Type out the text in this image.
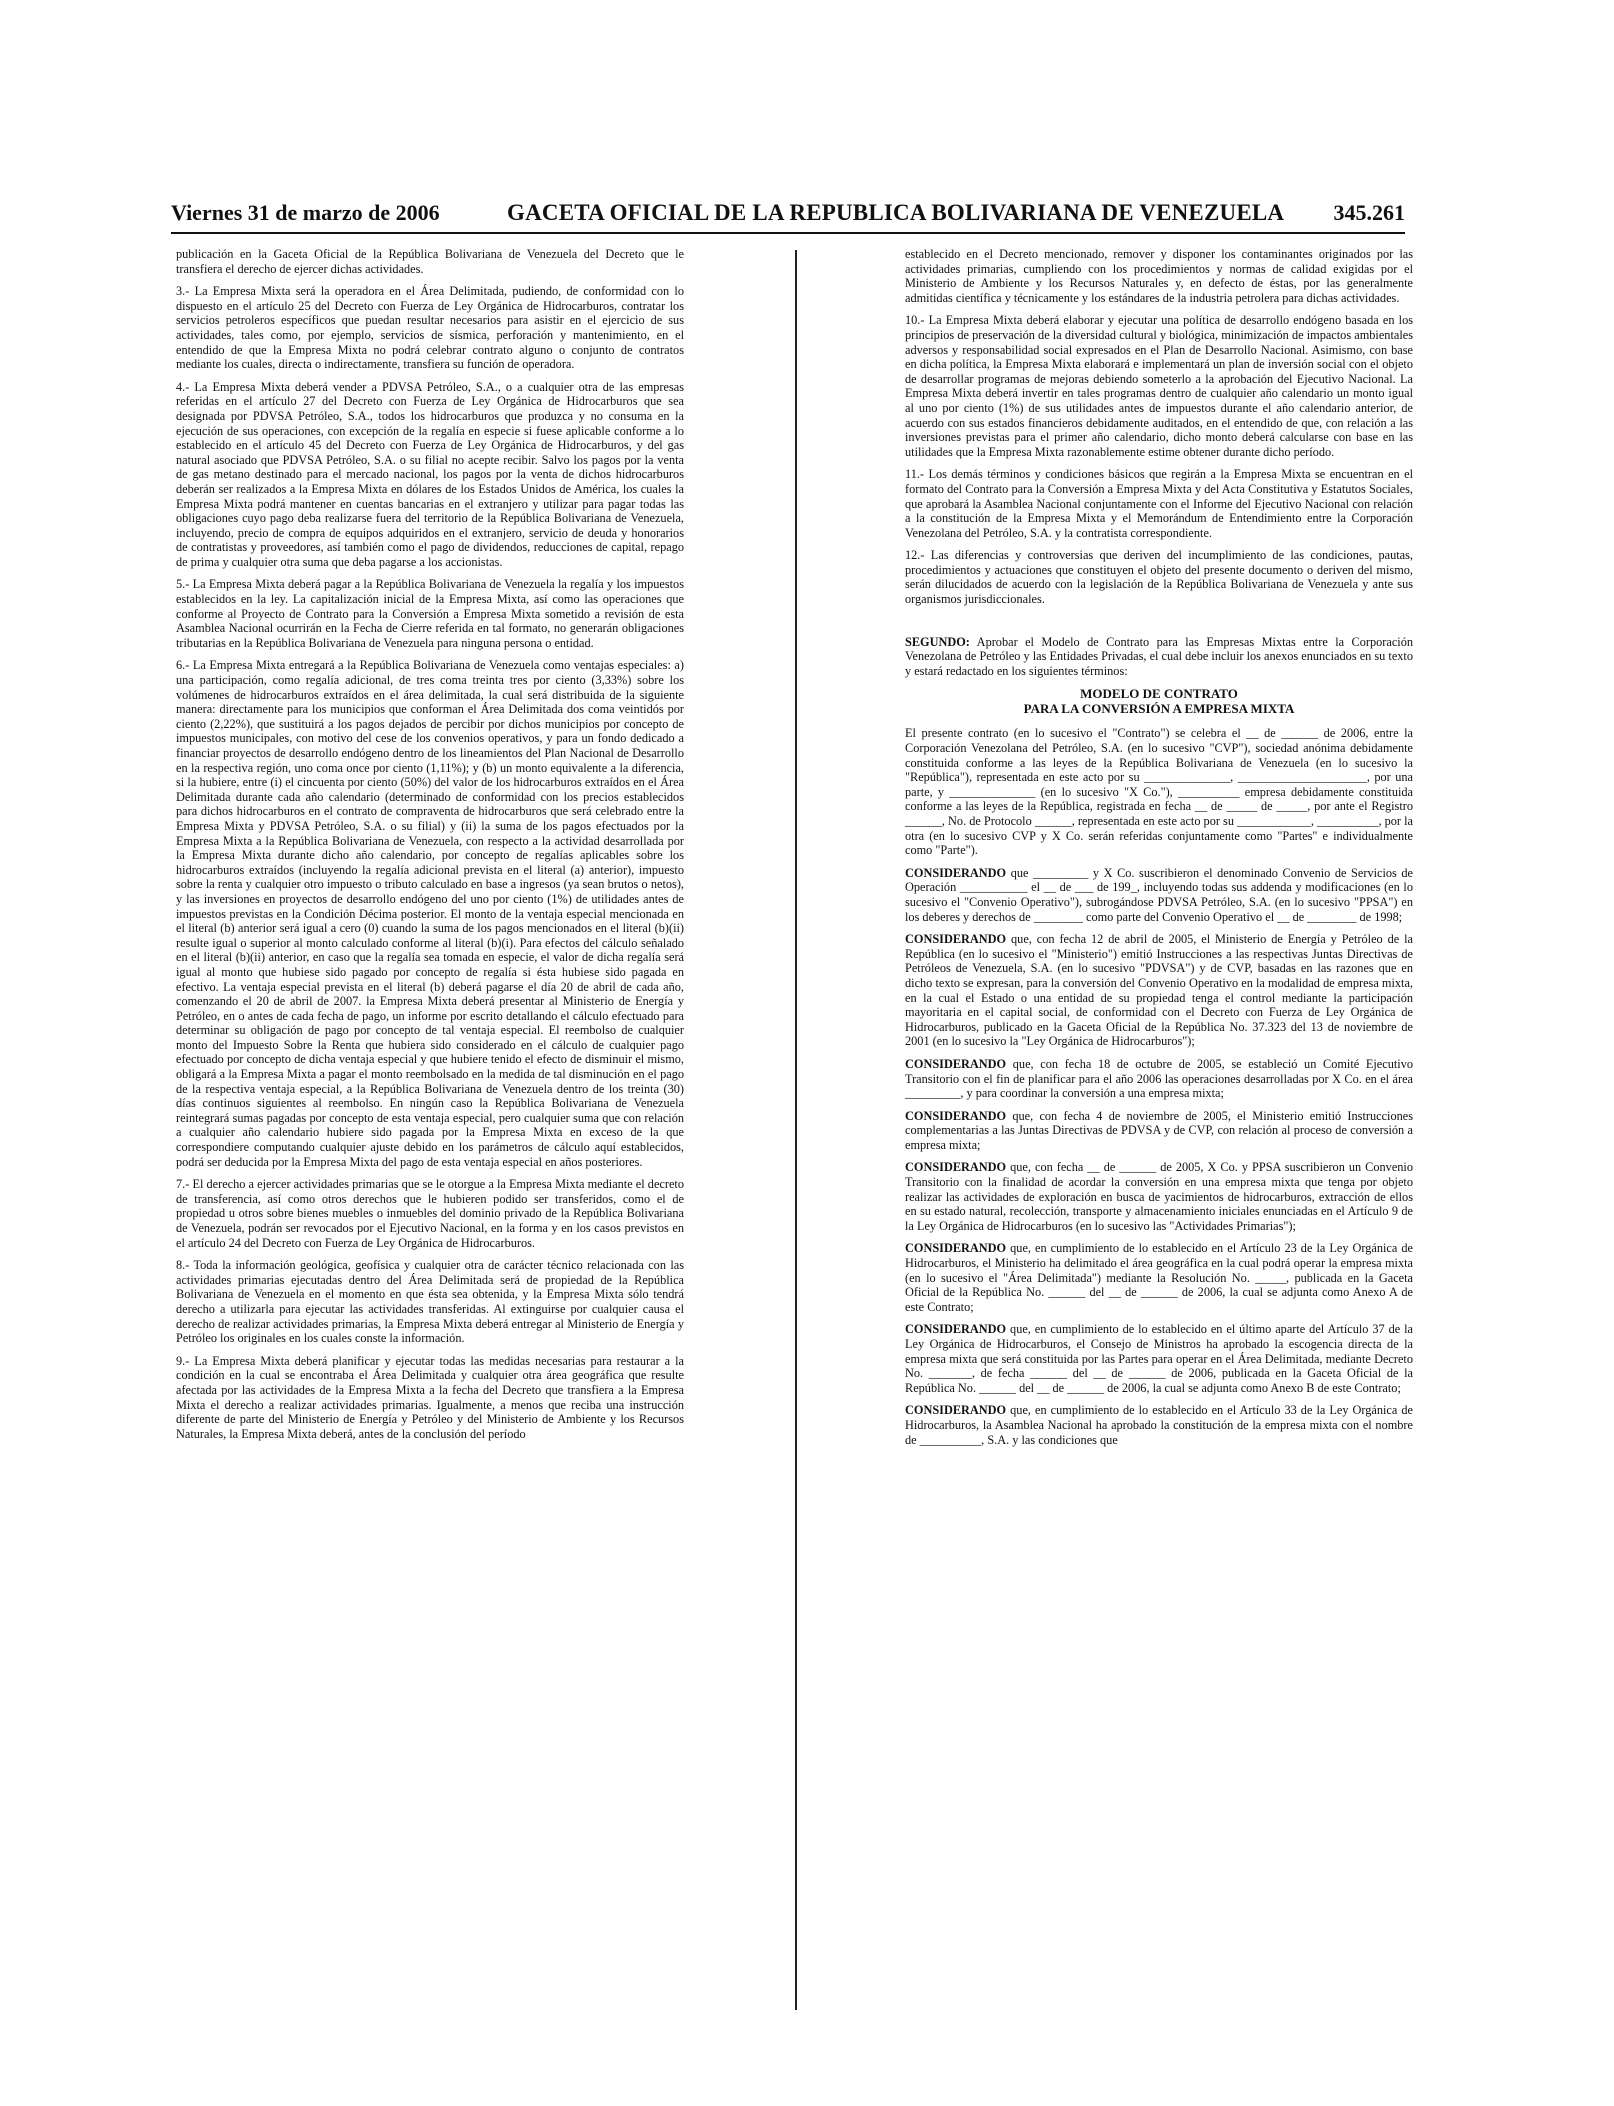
Viernes 31 de marzo de 2006	GACETA OFICIAL DE LA REPUBLICA BOLIVARIANA DE VENEZUELA 345.261

publicación en la Gaceta Oficial de la República Bolivariana de Venezuela del Decreto que le transfiera el derecho de ejercer dichas actividades.

3.- La Empresa Mixta será la operadora en el Área Delimitada, pudiendo, de conformidad con lo dispuesto en el artículo 25 del Decreto con Fuerza de Ley Orgánica de Hidrocarburos, contratar los servicios petroleros específicos que puedan resultar necesarios para asistir en el ejercicio de sus actividades, tales como, por ejemplo, servicios de sísmica, perforación y mantenimiento, en el entendido de que la Empresa Mixta no podrá celebrar contrato alguno o conjunto de contratos mediante los cuales, directa o indirectamente, transfiera su función de operadora.

4.- La Empresa Mixta deberá vender a PDVSA Petróleo, S.A., o a cualquier otra de las empresas referidas en el artículo 27 del Decreto con Fuerza de Ley Orgánica de Hidrocarburos que sea designada por PDVSA Petróleo, S.A., todos los hidrocarburos que produzca y no consuma en la ejecución de sus operaciones, con excepción de la regalía en especie si fuese aplicable conforme a lo establecido en el artículo 45 del Decreto con Fuerza de Ley Orgánica de Hidrocarburos, y del gas natural asociado que PDVSA Petróleo, S.A. o su filial no acepte recibir. Salvo los pagos por la venta de gas metano destinado para el mercado nacional, los pagos por la venta de dichos hidrocarburos deberán ser realizados a la Empresa Mixta en dólares de los Estados Unidos de América, los cuales la Empresa Mixta podrá mantener en cuentas bancarias en el extranjero y utilizar para pagar todas las obligaciones cuyo pago deba realizarse fuera del territorio de la República Bolivariana de Venezuela, incluyendo, precio de compra de equipos adquiridos en el extranjero, servicio de deuda y honorarios de contratistas y proveedores, así también como el pago de dividendos, reducciones de capital, repago de prima y cualquier otra suma que deba pagarse a los accionistas.

5.- La Empresa Mixta deberá pagar a la República Bolivariana de Venezuela la regalía y los impuestos establecidos en la ley. La capitalización inicial de la Empresa Mixta, así como las operaciones que conforme al Proyecto de Contrato para la Conversión a Empresa Mixta sometido a revisión de esta Asamblea Nacional ocurrirán en la Fecha de Cierre referida en tal formato, no generarán obligaciones tributarias en la República Bolivariana de Venezuela para ninguna persona o entidad.

6.- La Empresa Mixta entregará a la República Bolivariana de Venezuela como ventajas especiales: a) una participación, como regalía adicional, de tres coma treinta tres por ciento (3,33%) sobre los volúmenes de hidrocarburos extraídos en el área delimitada, la cual será distribuida de la siguiente manera: directamente para los municipios que conforman el Área Delimitada dos coma veintidós por ciento (2,22%), que sustituirá a los pagos dejados de percibir por dichos municipios por concepto de impuestos municipales, con motivo del cese de los convenios operativos, y para un fondo dedicado a financiar proyectos de desarrollo endógeno dentro de los lineamientos del Plan Nacional de Desarrollo en la respectiva región, uno coma once por ciento (1,11%); y (b) un monto equivalente a la diferencia, si la hubiere, entre (i) el cincuenta por ciento (50%) del valor de los hidrocarburos extraídos en el Área Delimitada durante cada año calendario (determinado de conformidad con los precios establecidos para dichos hidrocarburos en el contrato de compraventa de hidrocarburos que será celebrado entre la Empresa Mixta y PDVSA Petróleo, S.A. o su filial) y (ii) la suma de los pagos efectuados por la Empresa Mixta a la República Bolivariana de Venezuela, con respecto a la actividad desarrollada por la Empresa Mixta durante dicho año calendario, por concepto de regalías aplicables sobre los hidrocarburos extraídos (incluyendo la regalía adicional prevista en el literal (a) anterior), impuesto sobre la renta y cualquier otro impuesto o tributo calculado en base a ingresos (ya sean brutos o netos), y las inversiones en proyectos de desarrollo endógeno del uno por ciento (1%) de utilidades antes de impuestos previstas en la Condición Décima posterior. El monto de la ventaja especial mencionada en el literal (b) anterior será igual a cero (0) cuando la suma de los pagos mencionados en el literal (b)(ii) resulte igual o superior al monto calculado conforme al literal (b)(i). Para efectos del cálculo señalado en el literal (b)(ii) anterior, en caso que la regalía sea tomada en especie, el valor de dicha regalía será igual al monto que hubiese sido pagado por concepto de regalía si ésta hubiese sido pagada en efectivo. La ventaja especial prevista en el literal (b) deberá pagarse el día 20 de abril de cada año, comenzando el 20 de abril de 2007. la Empresa Mixta deberá presentar al Ministerio de Energía y Petróleo, en o antes de cada fecha de pago, un informe por escrito detallando el cálculo efectuado para determinar su obligación de pago por concepto de tal ventaja especial. El reembolso de cualquier monto del Impuesto Sobre la Renta que hubiera sido considerado en el cálculo de cualquier pago efectuado por concepto de dicha ventaja especial y que hubiere tenido el efecto de disminuir el mismo, obligará a la Empresa Mixta a pagar el monto reembolsado en la medida de tal disminución en el pago de la respectiva ventaja especial, a la República Bolivariana de Venezuela dentro de los treinta (30) días continuos siguientes al reembolso. En ningún caso la República Bolivariana de Venezuela reintegrará sumas pagadas por concepto de esta ventaja especial, pero cualquier suma que con relación a cualquier año calendario hubiere sido pagada por la Empresa Mixta en exceso de la que correspondiere computando cualquier ajuste debido en los parámetros de cálculo aquí establecidos, podrá ser deducida por la Empresa Mixta del pago de esta ventaja especial en años posteriores.

7.- El derecho a ejercer actividades primarias que se le otorgue a la Empresa Mixta mediante el decreto de transferencia, así como otros derechos que le hubieren podido ser transferidos, como el de propiedad u otros sobre bienes muebles o inmuebles del dominio privado de la República Bolivariana de Venezuela, podrán ser revocados por el Ejecutivo Nacional, en la forma y en los casos previstos en el artículo 24 del Decreto con Fuerza de Ley Orgánica de Hidrocarburos.

8.- Toda la información geológica, geofísica y cualquier otra de carácter técnico relacionada con las actividades primarias ejecutadas dentro del Área Delimitada será de propiedad de la República Bolivariana de Venezuela en el momento en que ésta sea obtenida, y la Empresa Mixta sólo tendrá derecho a utilizarla para ejecutar las actividades transferidas. Al extinguirse por cualquier causa el derecho de realizar actividades primarias, la Empresa Mixta deberá entregar al Ministerio de Energía y Petróleo los originales en los cuales conste la información.

9.- La Empresa Mixta deberá planificar y ejecutar todas las medidas necesarias para restaurar a la condición en la cual se encontraba el Área Delimitada y cualquier otra área geográfica que resulte afectada por las actividades de la Empresa Mixta a la fecha del Decreto que transfiera a la Empresa Mixta el derecho a realizar actividades primarias. Igualmente, a menos que reciba una instrucción diferente de parte del Ministerio de Energía y Petróleo y del Ministerio de Ambiente y los Recursos Naturales, la Empresa Mixta deberá, antes de la conclusión del período

establecido en el Decreto mencionado, remover y disponer los contaminantes originados por las actividades primarias, cumpliendo con los procedimientos y normas de calidad exigidas por el Ministerio de Ambiente y los Recursos Naturales y, en defecto de éstas, por las generalmente admitidas científica y técnicamente y los estándares de la industria petrolera para dichas actividades.

10.- La Empresa Mixta deberá elaborar y ejecutar una política de desarrollo endógeno basada en los principios de preservación de la diversidad cultural y biológica, minimización de impactos ambientales adversos y responsabilidad social expresados en el Plan de Desarrollo Nacional. Asimismo, con base en dicha política, la Empresa Mixta elaborará e implementará un plan de inversión social con el objeto de desarrollar programas de mejoras debiendo someterlo a la aprobación del Ejecutivo Nacional. La Empresa Mixta deberá invertir en tales programas dentro de cualquier año calendario un monto igual al uno por ciento (1%) de sus utilidades antes de impuestos durante el año calendario anterior, de acuerdo con sus estados financieros debidamente auditados, en el entendido de que, con relación a las inversiones previstas para el primer año calendario, dicho monto deberá calcularse con base en las utilidades que la Empresa Mixta razonablemente estime obtener durante dicho período.

11.- Los demás términos y condiciones básicos que regirán a la Empresa Mixta se encuentran en el formato del Contrato para la Conversión a Empresa Mixta y del Acta Constitutiva y Estatutos Sociales, que aprobará la Asamblea Nacional conjuntamente con el Informe del Ejecutivo Nacional con relación a la constitución de la Empresa Mixta y el Memorándum de Entendimiento entre la Corporación Venezolana del Petróleo, S.A. y la contratista correspondiente.

12.- Las diferencias y controversias que deriven del incumplimiento de las condiciones, pautas, procedimientos y actuaciones que constituyen el objeto del presente documento o deriven del mismo, serán dilucidados de acuerdo con la legislación de la República Bolivariana de Venezuela y ante sus organismos jurisdiccionales.

SEGUNDO: Aprobar el Modelo de Contrato para las Empresas Mixtas entre la Corporación Venezolana de Petróleo y las Entidades Privadas, el cual debe incluir los anexos enunciados en su texto y estará redactado en los siguientes términos:

MODELO DE CONTRATO
PARA LA CONVERSIÓN A EMPRESA MIXTA

El presente contrato (en lo sucesivo el "Contrato") se celebra el __ de ______ de 2006, entre la Corporación Venezolana del Petróleo, S.A. (en lo sucesivo "CVP"), sociedad anónima debidamente constituida conforme a las leyes de la República Bolivariana de Venezuela (en lo sucesivo la "República"), representada en este acto por su ______________, _____________________, por una parte, y ______________ (en lo sucesivo "X Co."), __________ empresa debidamente constituida conforme a las leyes de la República, registrada en fecha __ de _____ de _____, por ante el Registro ______, No. de Protocolo ______, representada en este acto por su ____________, __________, por la otra (en lo sucesivo CVP y X Co. serán referidas conjuntamente como "Partes" e individualmente como "Parte").

CONSIDERANDO que _________ y X Co. suscribieron el denominado Convenio de Servicios de Operación ___________ el __ de ___ de 199_, incluyendo todas sus addenda y modificaciones (en lo sucesivo el "Convenio Operativo"), subrogándose PDVSA Petróleo, S.A. (en lo sucesivo "PPSA") en los deberes y derechos de ________ como parte del Convenio Operativo el __ de ________ de 1998;

CONSIDERANDO que, con fecha 12 de abril de 2005, el Ministerio de Energía y Petróleo de la República (en lo sucesivo el "Ministerio") emitió Instrucciones a las respectivas Juntas Directivas de Petróleos de Venezuela, S.A. (en lo sucesivo "PDVSA") y de CVP, basadas en las razones que en dicho texto se expresan, para la conversión del Convenio Operativo en la modalidad de empresa mixta, en la cual el Estado o una entidad de su propiedad tenga el control mediante la participación mayoritaria en el capital social, de conformidad con el Decreto con Fuerza de Ley Orgánica de Hidrocarburos, publicado en la Gaceta Oficial de la República No. 37.323 del 13 de noviembre de 2001 (en lo sucesivo la "Ley Orgánica de Hidrocarburos");

CONSIDERANDO que, con fecha 18 de octubre de 2005, se estableció un Comité Ejecutivo Transitorio con el fin de planificar para el año 2006 las operaciones desarrolladas por X Co. en el área _________, y para coordinar la conversión a una empresa mixta;

CONSIDERANDO que, con fecha 4 de noviembre de 2005, el Ministerio emitió Instrucciones complementarias a las Juntas Directivas de PDVSA y de CVP, con relación al proceso de conversión a empresa mixta;

CONSIDERANDO que, con fecha __ de ______ de 2005, X Co. y PPSA suscribieron un Convenio Transitorio con la finalidad de acordar la conversión en una empresa mixta que tenga por objeto realizar las actividades de exploración en busca de yacimientos de hidrocarburos, extracción de ellos en su estado natural, recolección, transporte y almacenamiento iniciales enunciadas en el Artículo 9 de la Ley Orgánica de Hidrocarburos (en lo sucesivo las "Actividades Primarias");

CONSIDERANDO que, en cumplimiento de lo establecido en el Artículo 23 de la Ley Orgánica de Hidrocarburos, el Ministerio ha delimitado el área geográfica en la cual podrá operar la empresa mixta (en lo sucesivo el "Área Delimitada") mediante la Resolución No. _____, publicada en la Gaceta Oficial de la República No. ______ del __ de ______ de 2006, la cual se adjunta como Anexo A de este Contrato;

CONSIDERANDO que, en cumplimiento de lo establecido en el último aparte del Artículo 37 de la Ley Orgánica de Hidrocarburos, el Consejo de Ministros ha aprobado la escogencia directa de la empresa mixta que será constituida por las Partes para operar en el Área Delimitada, mediante Decreto No. _______, de fecha ______ del __ de ______ de 2006, publicada en la Gaceta Oficial de la República No. ______ del __ de ______ de 2006, la cual se adjunta como Anexo B de este Contrato;

CONSIDERANDO que, en cumplimiento de lo establecido en el Artículo 33 de la Ley Orgánica de Hidrocarburos, la Asamblea Nacional ha aprobado la constitución de la empresa mixta con el nombre de __________, S.A. y las condiciones que
